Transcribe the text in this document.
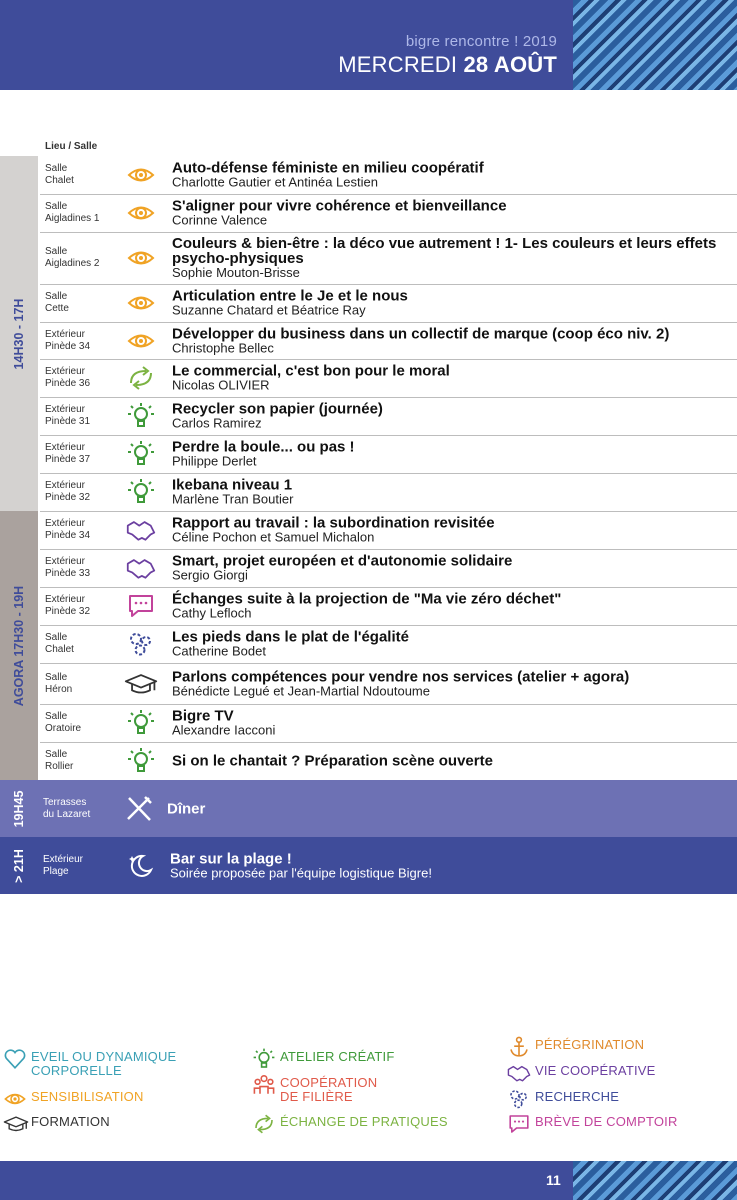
bigre rencontre ! 2019
MERCREDI 28 AOÛT
Lieu / Salle
14H30 - 17H
AGORA 17H30 - 19H
19H45
> 21H
Salle
Chalet
Auto-défense féministe en milieu coopératif
Charlotte Gautier et Antinéa Lestien
Salle
Aigladines 1
S'aligner pour vivre cohérence et bienveillance
Corinne Valence
Salle
Aigladines 2
Couleurs & bien-être : la déco vue autrement ! 1- Les couleurs et leurs effets psycho-physiques
Sophie Mouton-Brisse
Salle
Cette
Articulation entre le Je et le nous
Suzanne Chatard et Béatrice Ray
Extérieur
Pinède 34
Développer du business dans un collectif de marque (coop éco niv. 2)
Christophe Bellec
Extérieur
Pinède 36
Le commercial, c'est bon pour le moral
Nicolas OLIVIER
Extérieur
Pinède 31
Recycler son papier (journée)
Carlos Ramirez
Extérieur
Pinède 37
Perdre la boule... ou pas !
Philippe Derlet
Extérieur
Pinède 32
Ikebana niveau 1
Marlène Tran Boutier
Extérieur
Pinède 34
Rapport au travail : la subordination revisitée
Céline Pochon et Samuel Michalon
Extérieur
Pinède 33
Smart, projet européen et d'autonomie solidaire
Sergio Giorgi
Extérieur
Pinède 32
Échanges suite à la projection de "Ma vie zéro déchet"
Cathy Lefloch
Salle
Chalet
Les pieds dans le plat de l'égalité
Catherine Bodet
Salle
Héron
Parlons compétences pour vendre nos services (atelier + agora)
Bénédicte Legué et Jean-Martial Ndoutoume
Salle
Oratoire
Bigre TV
Alexandre Iacconi
Salle
Rollier	Si on le chantait ? Préparation scène ouverte
Terrasses
du Lazaret	Dîner
Extérieur
Plage
Bar sur la plage !
Soirée proposée par l'équipe logistique Bigre!
EVEIL OU DYNAMIQUE CORPORELLE
SENSIBILISATION
FORMATION
ATELIER CRÉATIF
COOPÉRATION DE FILIÈRE
ÉCHANGE DE PRATIQUES
PÉRÉGRINATION
VIE COOPÉRATIVE
RECHERCHE
BRÈVE DE COMPTOIR
11
